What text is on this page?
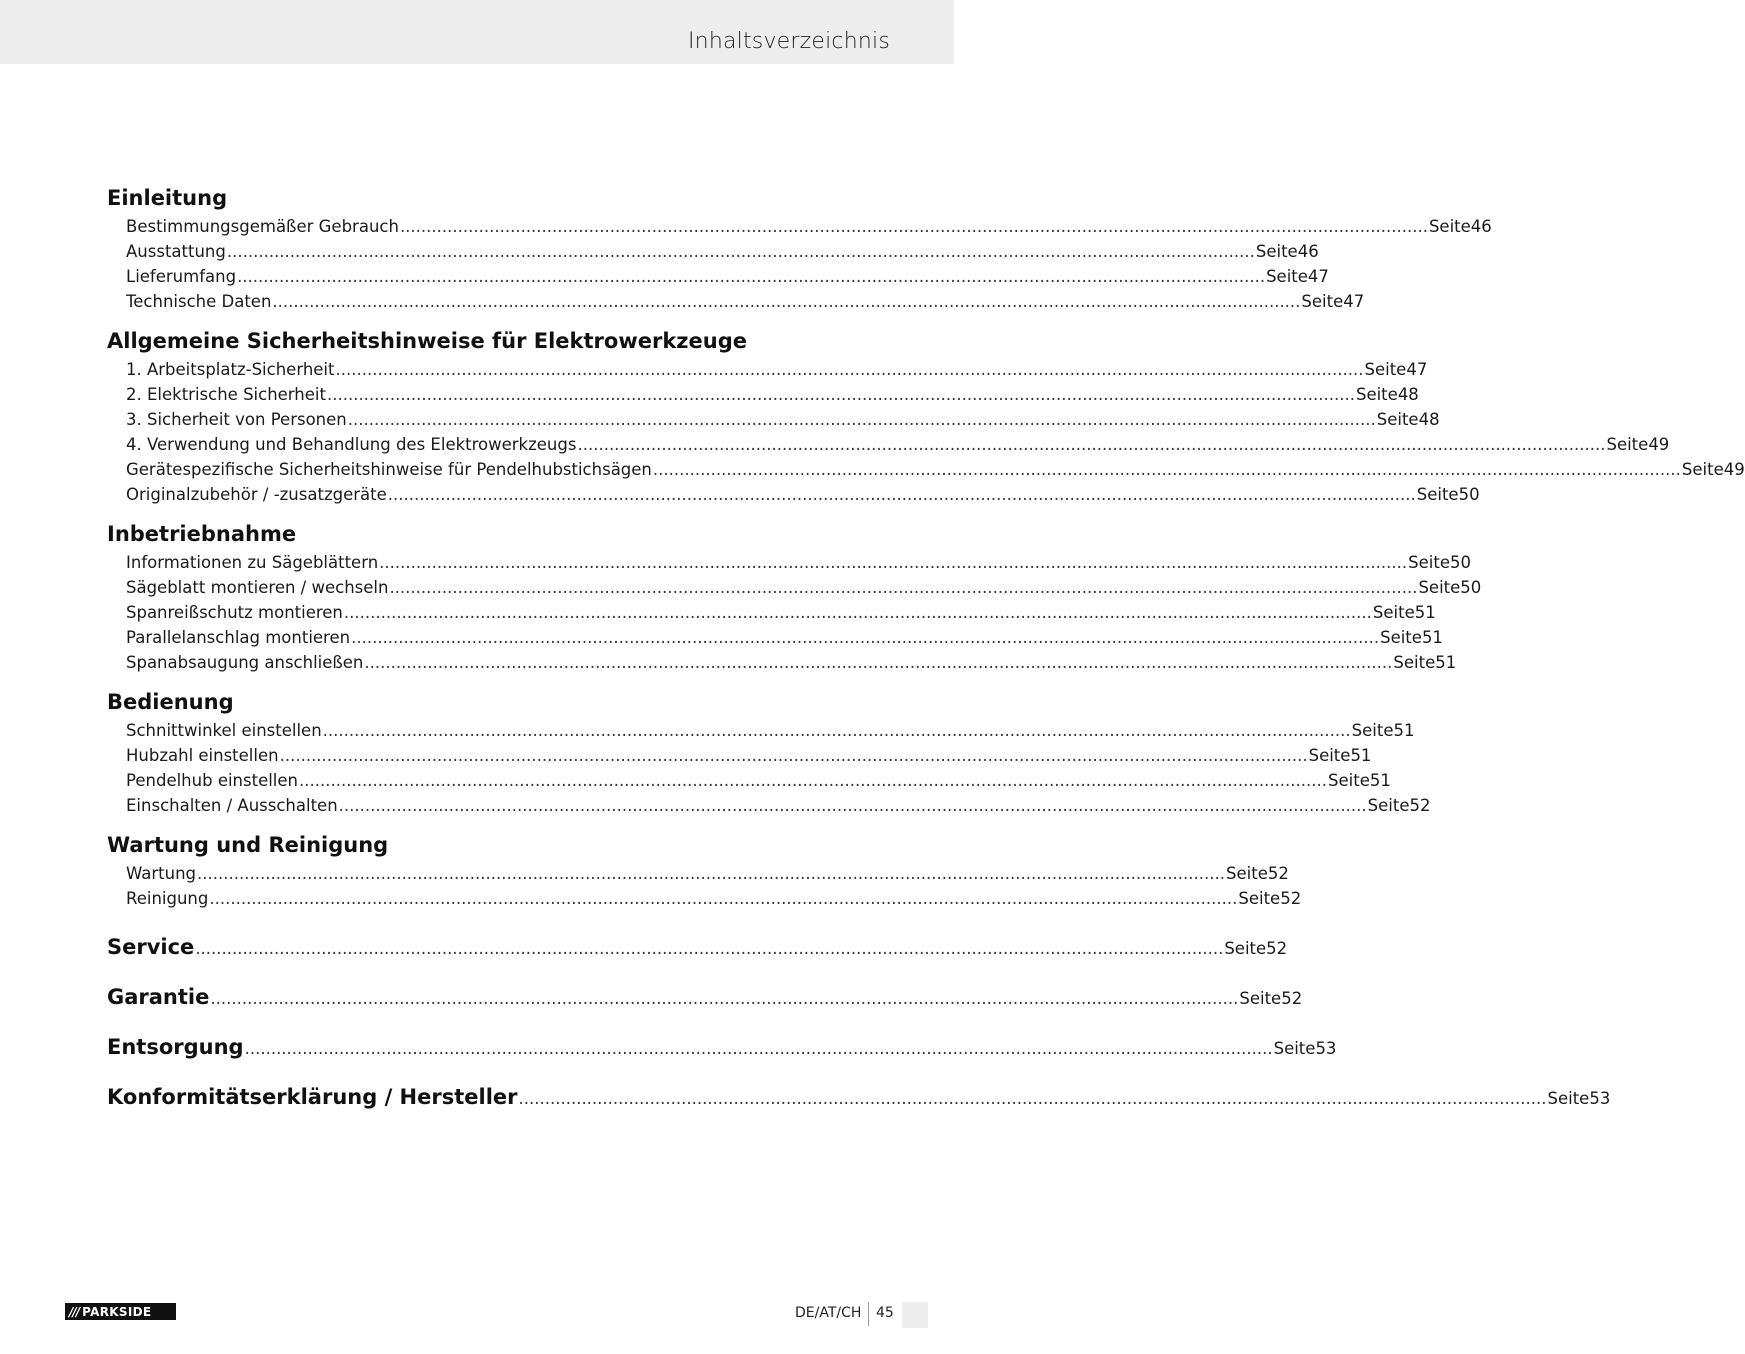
Inhaltsverzeichnis
Einleitung
Bestimmungsgemäßer Gebrauch .................................................................................................................................................................................................... Seite 46
Ausstattung .................................................................................................................................................................................................... Seite 46
Lieferumfang .................................................................................................................................................................................................... Seite 47
Technische Daten .................................................................................................................................................................................................... Seite 47
Allgemeine Sicherheitshinweise für Elektrowerkzeuge
1. Arbeitsplatz-Sicherheit .................................................................................................................................................................................................... Seite 47
2. Elektrische Sicherheit .................................................................................................................................................................................................... Seite 48
3. Sicherheit von Personen .................................................................................................................................................................................................... Seite 48
4. Verwendung und Behandlung des Elektrowerkzeugs .................................................................................................................................................................................................... Seite 49
Gerätespezifische Sicherheitshinweise für Pendelhubstichsägen .................................................................................................................................................................................................... Seite 49
Originalzubehör / -zusatzgeräte .................................................................................................................................................................................................... Seite 50
Inbetriebnahme
Informationen zu Sägeblättern .................................................................................................................................................................................................... Seite 50
Sägeblatt montieren / wechseln .................................................................................................................................................................................................... Seite 50
Spanreißschutz montieren .................................................................................................................................................................................................... Seite 51
Parallelanschlag montieren .................................................................................................................................................................................................... Seite 51
Spanabsaugung anschließen .................................................................................................................................................................................................... Seite 51
Bedienung
Schnittwinkel einstellen .................................................................................................................................................................................................... Seite 51
Hubzahl einstellen .................................................................................................................................................................................................... Seite 51
Pendelhub einstellen .................................................................................................................................................................................................... Seite 51
Einschalten / Ausschalten .................................................................................................................................................................................................... Seite 52
Wartung und Reinigung
Wartung .................................................................................................................................................................................................... Seite 52
Reinigung .................................................................................................................................................................................................... Seite 52
Service .................................................................................................................................................................................................... Seite 52
Garantie .................................................................................................................................................................................................... Seite 52
Entsorgung .................................................................................................................................................................................................... Seite 53
Konformitätserklärung / Hersteller .................................................................................................................................................................................................... Seite 53
/// PARKSIDE	DE/AT/CH 45
